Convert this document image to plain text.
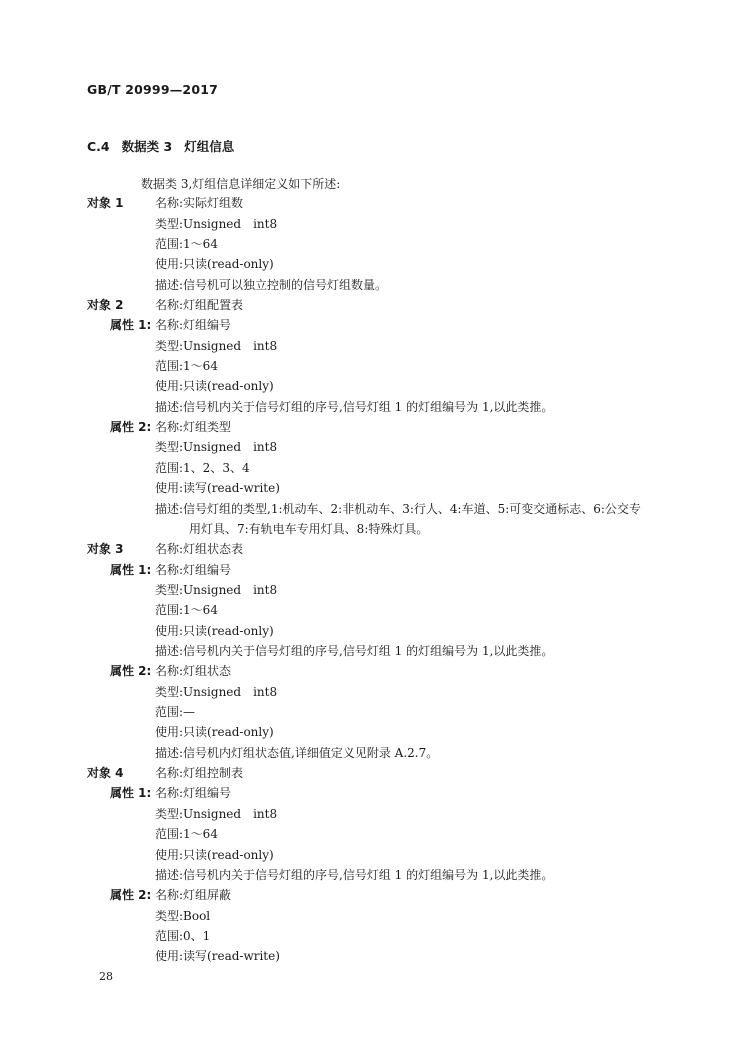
GB/T 20999—2017
C.4 数据类 3 灯组信息
数据类 3,灯组信息详细定义如下所述:
对象 1	名称:实际灯组数
类型:Unsigned　int8
范围:1～64
使用:只读(read-only)
描述:信号机可以独立控制的信号灯组数量。
对象 2	名称:灯组配置表
属性 1: 名称:灯组编号
类型:Unsigned　int8
范围:1～64
使用:只读(read-only)
描述:信号机内关于信号灯组的序号,信号灯组 1 的灯组编号为 1,以此类推。
属性 2: 名称:灯组类型
类型:Unsigned　int8
范围:1、2、3、4
使用:读写(read-write)
描述:信号灯组的类型,1:机动车、2:非机动车、3:行人、4:车道、5:可变交通标志、6:公交专
用灯具、7:有轨电车专用灯具、8:特殊灯具。
对象 3	名称:灯组状态表
属性 1: 名称:灯组编号
类型:Unsigned　int8
范围:1～64
使用:只读(read-only)
描述:信号机内关于信号灯组的序号,信号灯组 1 的灯组编号为 1,以此类推。
属性 2: 名称:灯组状态
类型:Unsigned　int8
范围:—
使用:只读(read-only)
描述:信号机内灯组状态值,详细值定义见附录 A.2.7。
对象 4	名称:灯组控制表
属性 1: 名称:灯组编号
类型:Unsigned　int8
范围:1～64
使用:只读(read-only)
描述:信号机内关于信号灯组的序号,信号灯组 1 的灯组编号为 1,以此类推。
属性 2: 名称:灯组屏蔽
类型:Bool
范围:0、1
使用:读写(read-write)
28
